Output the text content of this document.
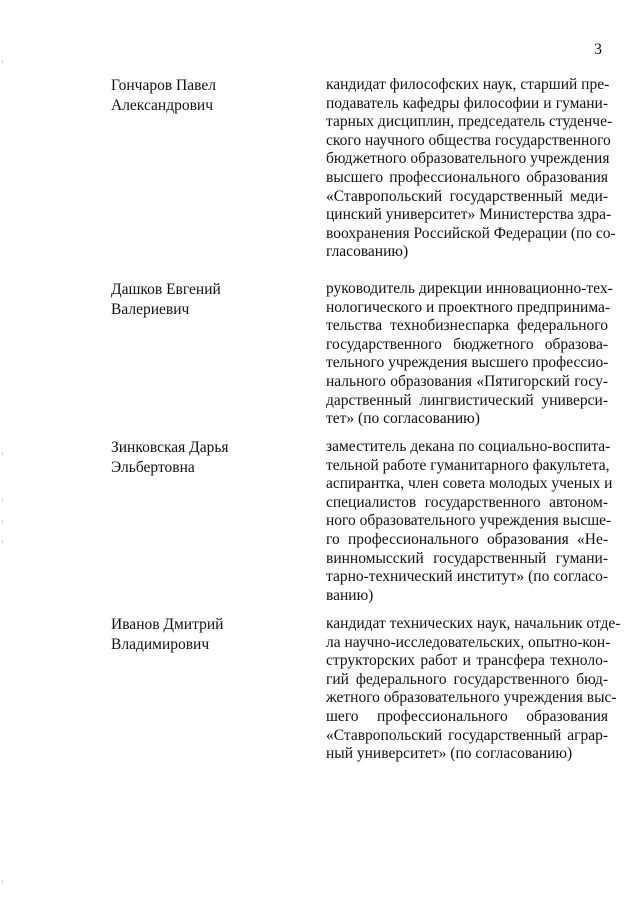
3
Гончаров Павел
Александрович
кандидат философских наук, старший пре-
подаватель кафедры философии и гумани-
тарных дисциплин, председатель студенче-
ского научного общества государственного
бюджетного образовательного учреждения
высшего профессионального образования
«Ставропольский государственный меди-
цинский университет» Министерства здра-
воохранения Российской Федерации (по со-
гласованию)
Дашков Евгений
Валериевич
руководитель дирекции инновационно-тех-
нологического и проектного предпринима-
тельства технобизнеспарка федерального
государственного бюджетного образова-
тельного учреждения высшего профессио-
нального образования «Пятигорский госу-
дарственный лингвистический универси-
тет» (по согласованию)
Зинковская Дарья
Эльбертовна
заместитель декана по социально-воспита-
тельной работе гуманитарного факультета,
аспирантка, член совета молодых ученых и
специалистов государственного автоном-
ного образовательного учреждения высше-
го профессионального образования «Не-
винномысский государственный гумани-
тарно-технический институт» (по согласо-
ванию)
Иванов Дмитрий
Владимирович
кандидат технических наук, начальник отде-
ла научно-исследовательских, опытно-кон-
структорских работ и трансфера техноло-
гий федерального государственного бюд-
жетного образовательного учреждения выс-
шего профессионального образования
«Ставропольский государственный аграр-
ный университет» (по согласованию)
